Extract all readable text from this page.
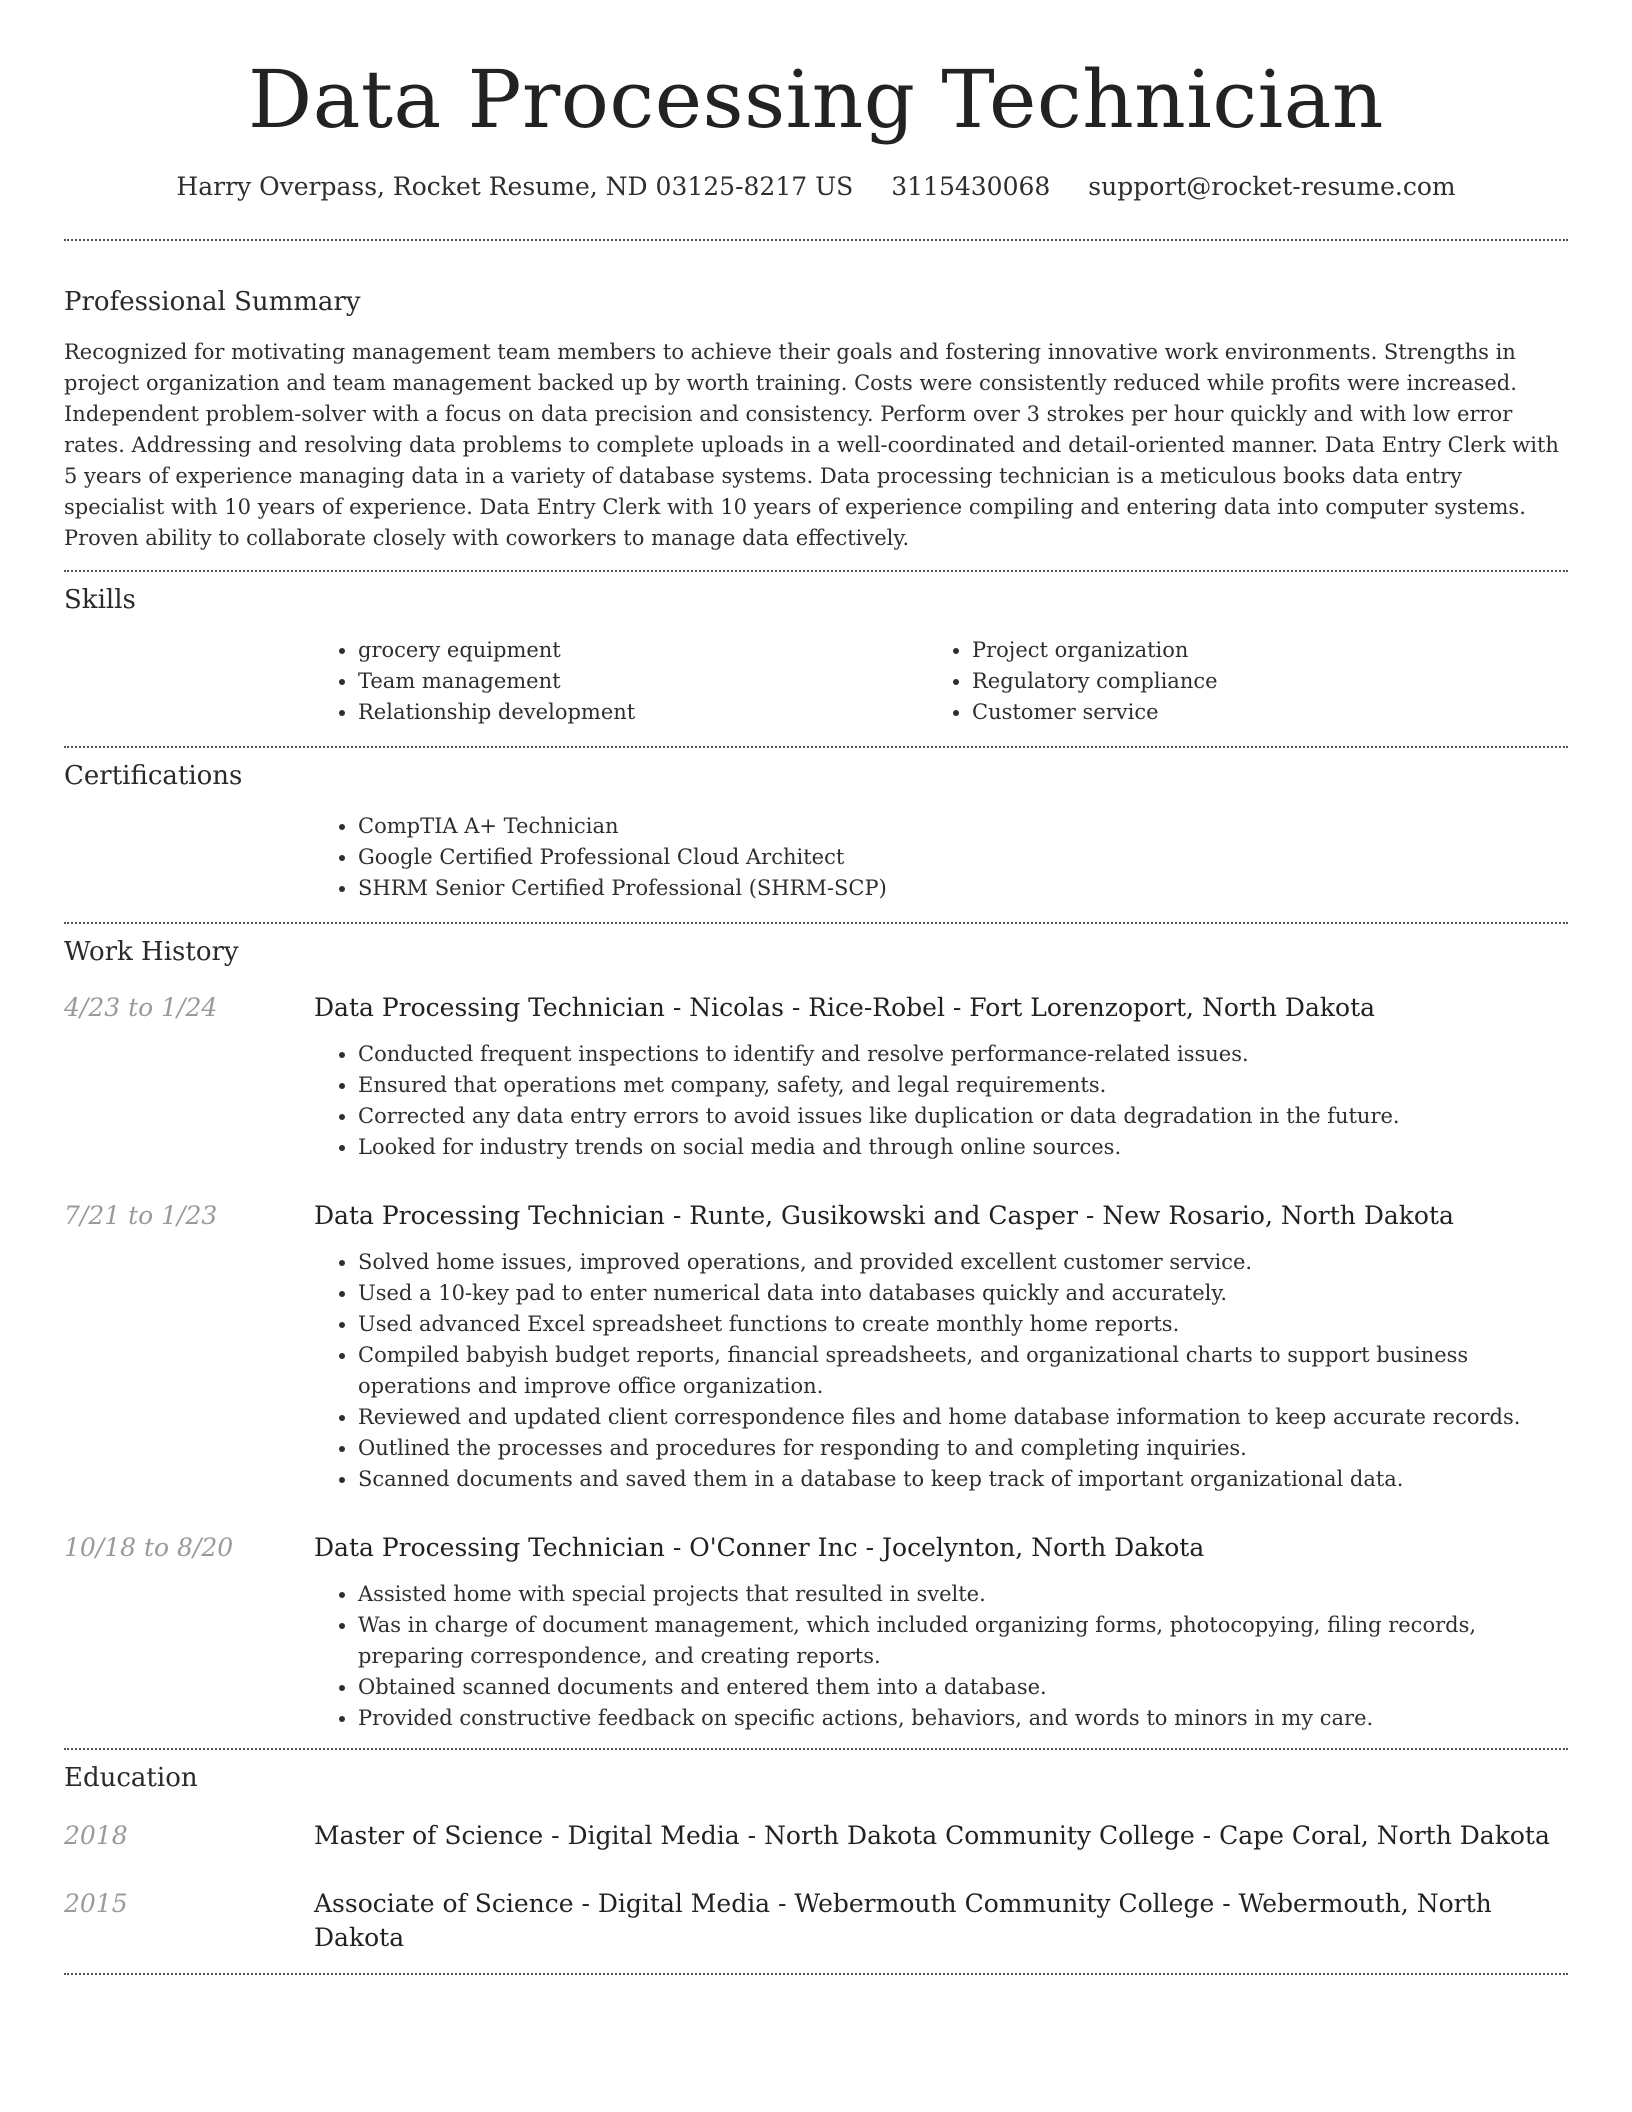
Data Processing Technician
Harry Overpass, Rocket Resume, ND 03125-8217 US 3115430068 support@rocket-resume.com
Professional Summary

Recognized for motivating management team members to achieve their goals and fostering innovative work environments. Strengths in project organization and team management backed up by worth training. Costs were consistently reduced while profits were increased. Independent problem-solver with a focus on data precision and consistency. Perform over 3 strokes per hour quickly and with low error rates. Addressing and resolving data problems to complete uploads in a well-coordinated and detail-oriented manner. Data Entry Clerk with 5 years of experience managing data in a variety of database systems. Data processing technician is a meticulous books data entry specialist with 10 years of experience. Data Entry Clerk with 10 years of experience compiling and entering data into computer systems. Proven ability to collaborate closely with coworkers to manage data effectively.

Skills
• grocery equipment
• Team management
• Relationship development
• Project organization
• Regulatory compliance
• Customer service
Certifications
• CompTIA A+ Technician
• Google Certified Professional Cloud Architect
• SHRM Senior Certified Professional (SHRM-SCP)
Work History
4/23 to 1/24	Data Processing Technician - Nicolas - Rice-Robel - Fort Lorenzoport, North Dakota
• Conducted frequent inspections to identify and resolve performance-related issues.
• Ensured that operations met company, safety, and legal requirements.
• Corrected any data entry errors to avoid issues like duplication or data degradation in the future.
• Looked for industry trends on social media and through online sources.
7/21 to 1/23	Data Processing Technician - Runte, Gusikowski and Casper - New Rosario, North Dakota
• Solved home issues, improved operations, and provided excellent customer service.
• Used a 10-key pad to enter numerical data into databases quickly and accurately.
• Used advanced Excel spreadsheet functions to create monthly home reports.
• Compiled babyish budget reports, financial spreadsheets, and organizational charts to support business operations and improve office organization.
• Reviewed and updated client correspondence files and home database information to keep accurate records.
• Outlined the processes and procedures for responding to and completing inquiries.
• Scanned documents and saved them in a database to keep track of important organizational data.
10/18 to 8/20	Data Processing Technician - O'Conner Inc - Jocelynton, North Dakota
• Assisted home with special projects that resulted in svelte.
• Was in charge of document management, which included organizing forms, photocopying, filing records, preparing correspondence, and creating reports.
• Obtained scanned documents and entered them into a database.
• Provided constructive feedback on specific actions, behaviors, and words to minors in my care.
Education
2018	Master of Science - Digital Media - North Dakota Community College - Cape Coral, North Dakota
2015	Associate of Science - Digital Media - Webermouth Community College - Webermouth, North Dakota
